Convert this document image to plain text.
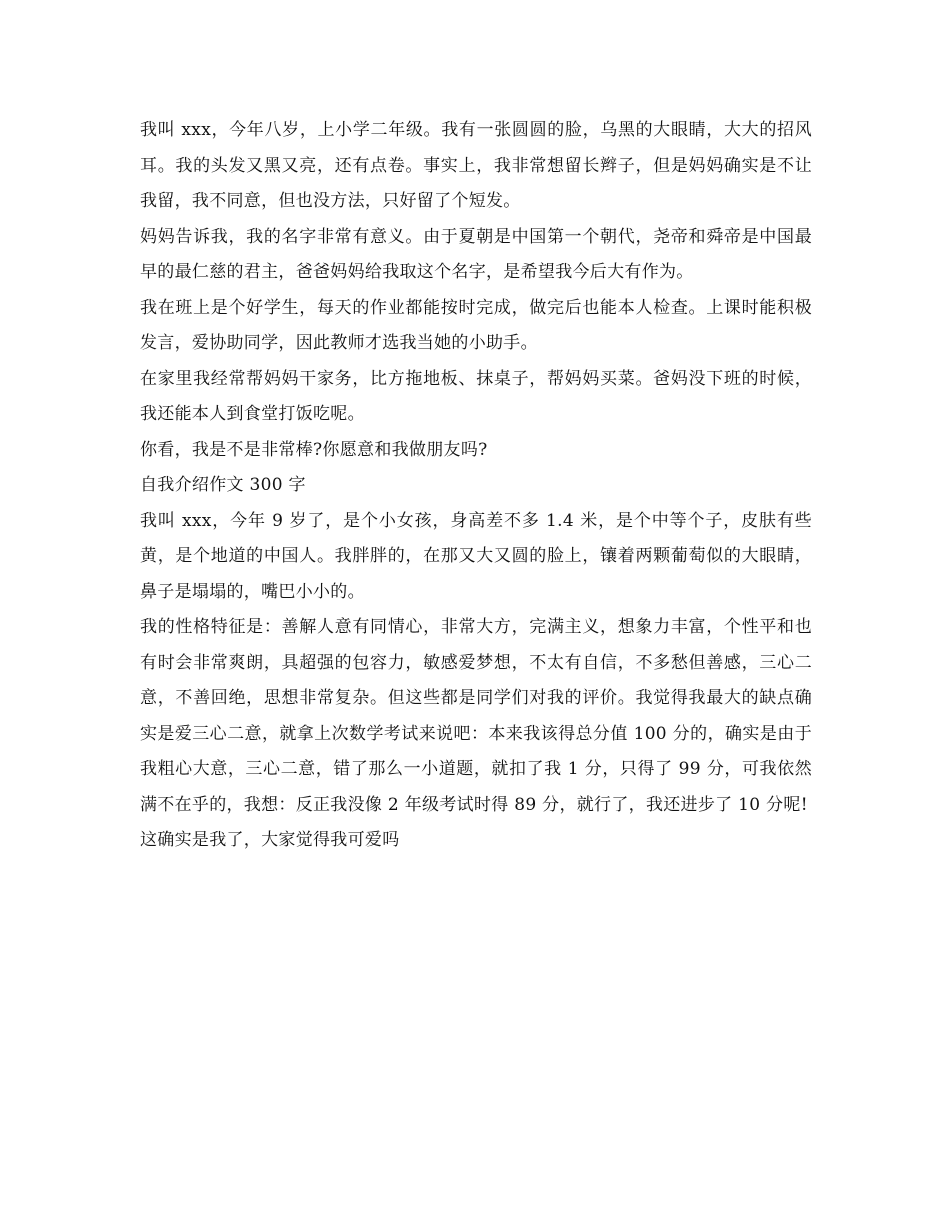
我叫 xxx，今年八岁，上小学二年级。我有一张圆圆的脸，乌黑的大眼睛，大大的招风耳。我的头发又黑又亮，还有点卷。事实上，我非常想留长辫子，但是妈妈确实是不让我留，我不同意，但也没方法，只好留了个短发。

妈妈告诉我，我的名字非常有意义。由于夏朝是中国第一个朝代，尧帝和舜帝是中国最早的最仁慈的君主，爸爸妈妈给我取这个名字，是希望我今后大有作为。

我在班上是个好学生，每天的作业都能按时完成，做完后也能本人检查。上课时能积极发言，爱协助同学，因此教师才选我当她的小助手。

在家里我经常帮妈妈干家务，比方拖地板、抹桌子，帮妈妈买菜。爸妈没下班的时候，我还能本人到食堂打饭吃呢。

你看，我是不是非常棒?你愿意和我做朋友吗?

自我介绍作文 300 字

我叫 xxx，今年 9 岁了，是个小女孩，身高差不多 1.4 米，是个中等个子，皮肤有些黄，是个地道的中国人。我胖胖的，在那又大又圆的脸上，镶着两颗葡萄似的大眼睛，鼻子是塌塌的，嘴巴小小的。

我的性格特征是：善解人意有同情心，非常大方，完满主义，想象力丰富，个性平和也有时会非常爽朗，具超强的包容力，敏感爱梦想，不太有自信，不多愁但善感，三心二意，不善回绝，思想非常复杂。但这些都是同学们对我的评价。我觉得我最大的缺点确实是爱三心二意，就拿上次数学考试来说吧：本来我该得总分值 100 分的，确实是由于我粗心大意，三心二意，错了那么一小道题，就扣了我 1 分，只得了 99 分，可我依然满不在乎的，我想：反正我没像 2 年级考试时得 89 分，就行了，我还进步了 10 分呢!

这确实是我了，大家觉得我可爱吗
